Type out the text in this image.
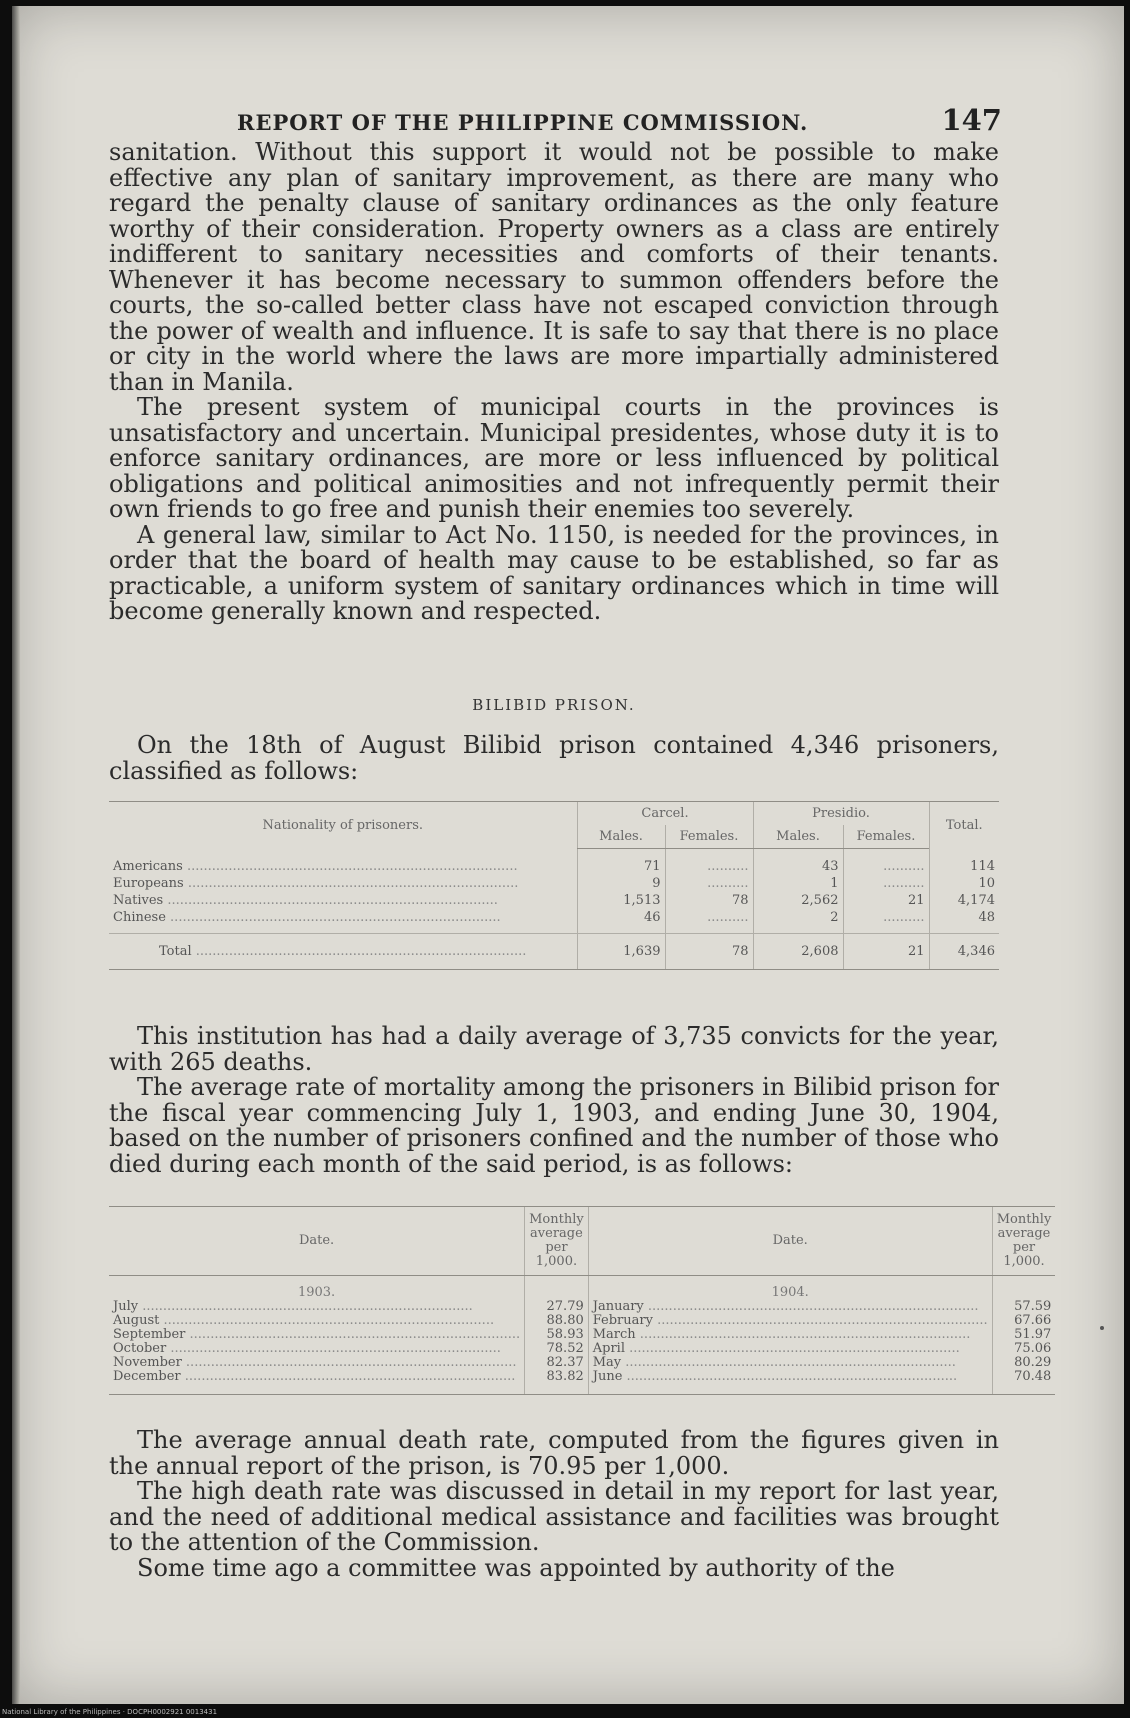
REPORT OF THE PHILIPPINE COMMISSION.	147

sanitation. Without this support it would not be possible to make effective any plan of sanitary improvement, as there are many who regard the penalty clause of sanitary ordinances as the only feature worthy of their consideration. Property owners as a class are entirely indifferent to sanitary necessities and comforts of their tenants. Whenever it has become necessary to summon offenders before the courts, the so-called better class have not escaped conviction through the power of wealth and influence. It is safe to say that there is no place or city in the world where the laws are more impartially administered than in Manila.

The present system of municipal courts in the provinces is unsatisfactory and uncertain. Municipal presidentes, whose duty it is to enforce sanitary ordinances, are more or less influenced by political obligations and political animosities and not infrequently permit their own friends to go free and punish their enemies too severely.

A general law, similar to Act No. 1150, is needed for the provinces, in order that the board of health may cause to be established, so far as practicable, a uniform system of sanitary ordinances which in time will become generally known and respected.

BILIBID PRISON.

On the 18th of August Bilibid prison contained 4,346 prisoners, classified as follows:

Nationality of prisoners.	Carcel.		Presidio.		Total.
	Males.	Females.	Males.	Females.	
Americans .....	71	..........	43	..........	114
Europeans .....	9	..........	1	..........	10
Natives .....	1,513	78	2,562	21	4,174
Chinese .....	46	..........	2	..........	48
Total .....	1,639	78	2,608	21	4,346

This institution has had a daily average of 3,735 convicts for the year, with 265 deaths.

The average rate of mortality among the prisoners in Bilibid prison for the fiscal year commencing July 1, 1903, and ending June 30, 1904, based on the number of prisoners confined and the number of those who died during each month of the said period, is as follows:

Date.	Monthly average per 1,000.	Date.	Monthly average per 1,000.
1903.		1904.	
July .....	27.79	January .....	57.59
August .....	88.80	February .....	67.66
September .....	58.93	March .....	51.97
October .....	78.52	April .....	75.06
November .....	82.37	May .....	80.29
December .....	83.82	June .....	70.48

The average annual death rate, computed from the figures given in the annual report of the prison, is 70.95 per 1,000.

The high death rate was discussed in detail in my report for last year, and the need of additional medical assistance and facilities was brought to the attention of the Commission.

Some time ago a committee was appointed by authority of the

National Library of the Philippines · DOCPH0002921 0013431
